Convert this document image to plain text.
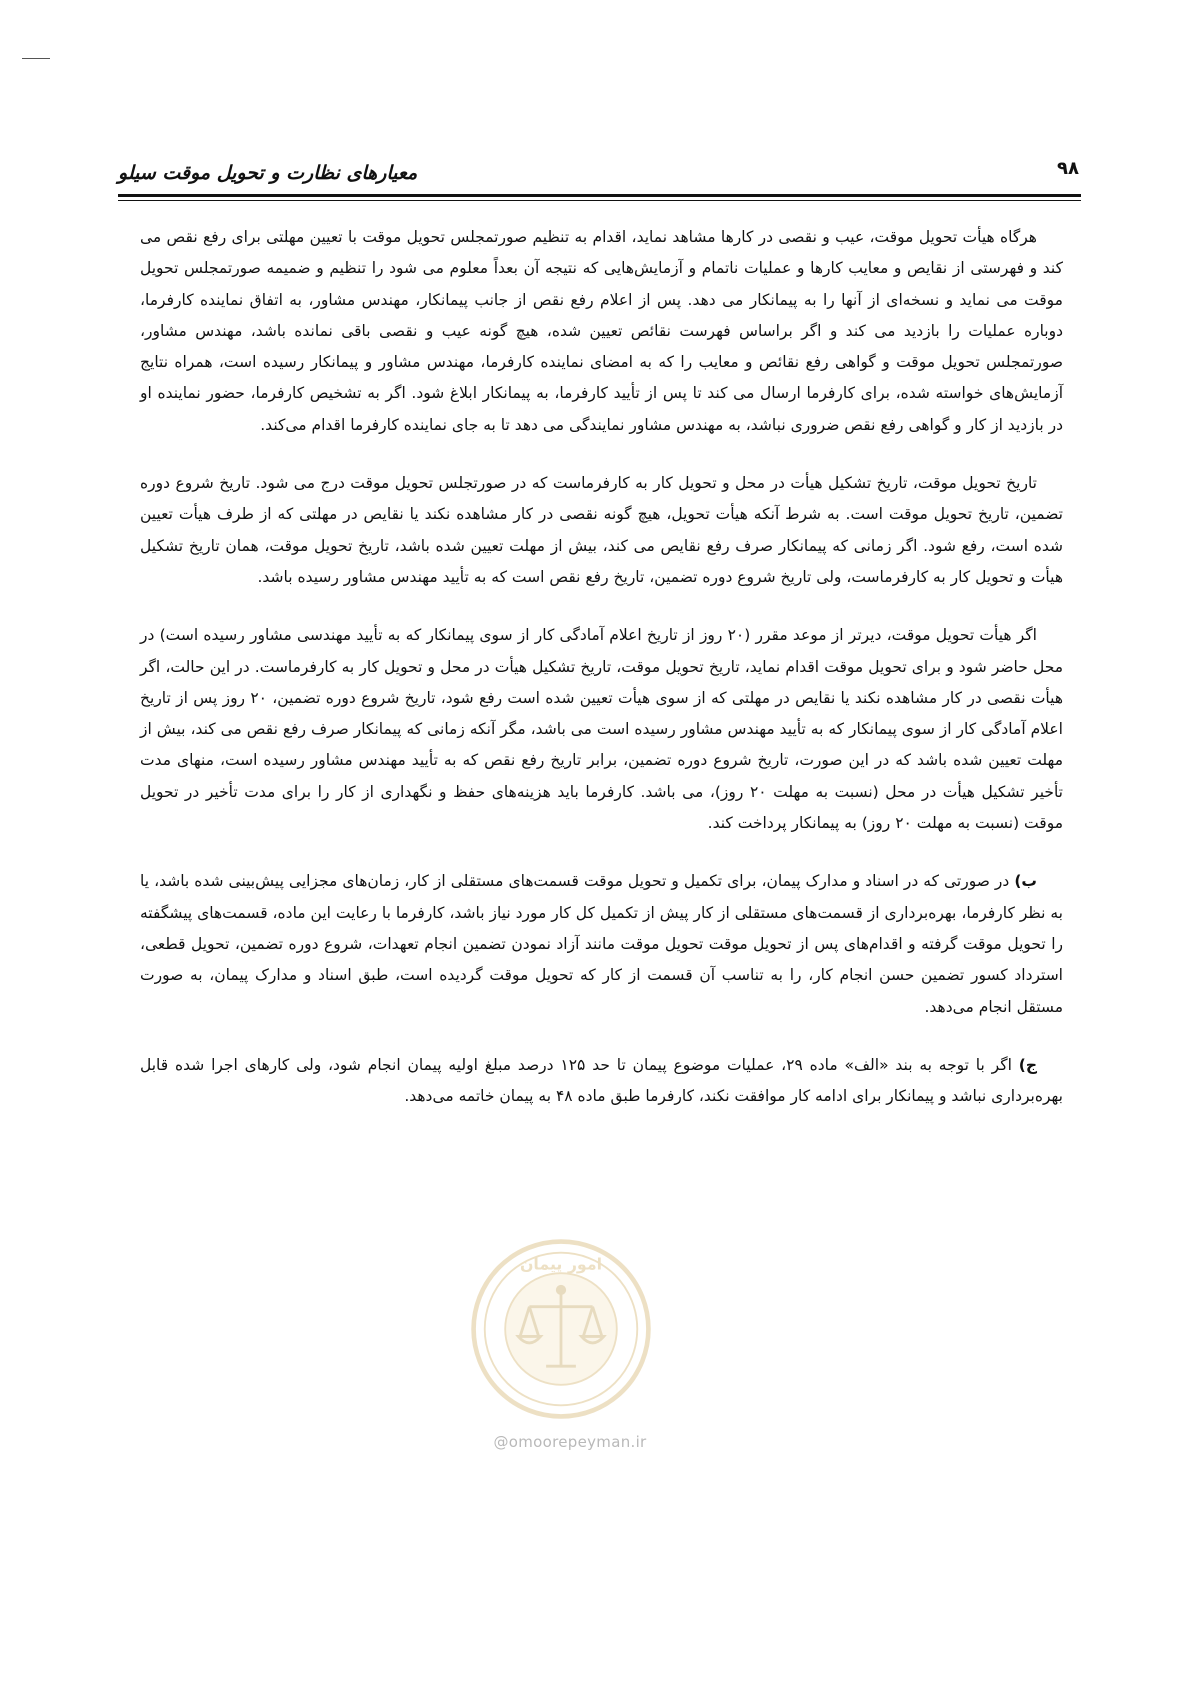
۹۸
معیارهای نظارت و تحویل موقت سیلو

هرگاه هیأت تحویل موقت، عیب و نقصی در کارها مشاهد نماید، اقدام به تنظیم صورتمجلس تحویل موقت با تعیین مهلتی برای رفع نقص می کند و فهرستی از نقایص و معایب کارها و عملیات ناتمام و آزمایش‌هایی که نتیجه آن بعداً معلوم می شود را تنظیم و ضمیمه صورتمجلس تحویل موقت می نماید و نسخه‌ای از آنها را به پیمانکار می دهد. پس از اعلام رفع نقص از جانب پیمانکار، مهندس مشاور، به اتفاق نماینده کارفرما، دوباره عملیات را بازدید می کند و اگر براساس فهرست نقائص تعیین شده، هیچ گونه عیب و نقصی باقی نمانده باشد، مهندس مشاور، صورتمجلس تحویل موقت و گواهی رفع نقائص و معایب را که به امضای نماینده کارفرما، مهندس مشاور و پیمانکار رسیده است، همراه نتایج آزمایش‌های خواسته شده، برای کارفرما ارسال می کند تا پس از تأیید کارفرما، به پیمانکار ابلاغ شود. اگر به تشخیص کارفرما، حضور نماینده او در بازدید از کار و گواهی رفع نقص ضروری نباشد، به مهندس مشاور نمایندگی می دهد تا به جای نماینده کارفرما اقدام می‌کند.

تاریخ تحویل موقت، تاریخ تشکیل هیأت در محل و تحویل کار به کارفرماست که در صورتجلس تحویل موقت درج می شود. تاریخ شروع دوره تضمین، تاریخ تحویل موقت است. به شرط آنکه هیأت تحویل، هیچ گونه نقصی در کار مشاهده نکند یا نقایص در مهلتی که از طرف هیأت تعیین شده است، رفع شود. اگر زمانی که پیمانکار صرف رفع نقایص می کند، بیش از مهلت تعیین شده باشد، تاریخ تحویل موقت، همان تاریخ تشکیل هیأت و تحویل کار به کارفرماست، ولی تاریخ شروع دوره تضمین، تاریخ رفع نقص است که به تأیید مهندس مشاور رسیده باشد.

اگر هیأت تحویل موقت، دیرتر از موعد مقرر (۲۰ روز از تاریخ اعلام آمادگی کار از سوی پیمانکار که به تأیید مهندسی مشاور رسیده است) در محل حاضر شود و برای تحویل موقت اقدام نماید، تاریخ تحویل موقت، تاریخ تشکیل هیأت در محل و تحویل کار به کارفرماست. در این حالت، اگر هیأت نقصی در کار مشاهده نکند یا نقایص در مهلتی که از سوی هیأت تعیین شده است رفع شود، تاریخ شروع دوره تضمین، ۲۰ روز پس از تاریخ اعلام آمادگی کار از سوی پیمانکار که به تأیید مهندس مشاور رسیده است می باشد، مگر آنکه زمانی که پیمانکار صرف رفع نقص می کند، بیش از مهلت تعیین شده باشد که در این صورت، تاریخ شروع دوره تضمین، برابر تاریخ رفع نقص که به تأیید مهندس مشاور رسیده است، منهای مدت تأخیر تشکیل هیأت در محل (نسبت به مهلت ۲۰ روز)، می باشد. کارفرما باید هزینه‌های حفظ و نگهداری از کار را برای مدت تأخیر در تحویل موقت (نسبت به مهلت ۲۰ روز) به پیمانکار پرداخت کند.

ب) در صورتی که در اسناد و مدارک پیمان، برای تکمیل و تحویل موقت قسمت‌های مستقلی از کار، زمان‌های مجزایی پیش‌بینی شده باشد، یا به نظر کارفرما، بهره‌برداری از قسمت‌های مستقلی از کار پیش از تکمیل کل کار مورد نیاز باشد، کارفرما با رعایت این ماده، قسمت‌های پیشگفته را تحویل موقت گرفته و اقدام‌های پس از تحویل موقت تحویل موقت مانند آزاد نمودن تضمین انجام تعهدات، شروع دوره تضمین، تحویل قطعی، استرداد کسور تضمین حسن انجام کار، را به تناسب آن قسمت از کار که تحویل موقت گردیده است، طبق اسناد و مدارک پیمان، به صورت مستقل انجام می‌دهد.

ج) اگر با توجه به بند «الف» ماده ۲۹، عملیات موضوع پیمان تا حد ۱۲۵ درصد مبلغ اولیه پیمان انجام شود، ولی کارهای اجرا شده قابل بهره‌برداری نباشد و پیمانکار برای ادامه کار موافقت نکند، کارفرما طبق ماده ۴۸ به پیمان خاتمه می‌دهد.

امور پیمان
@omoorepeyman.ir
